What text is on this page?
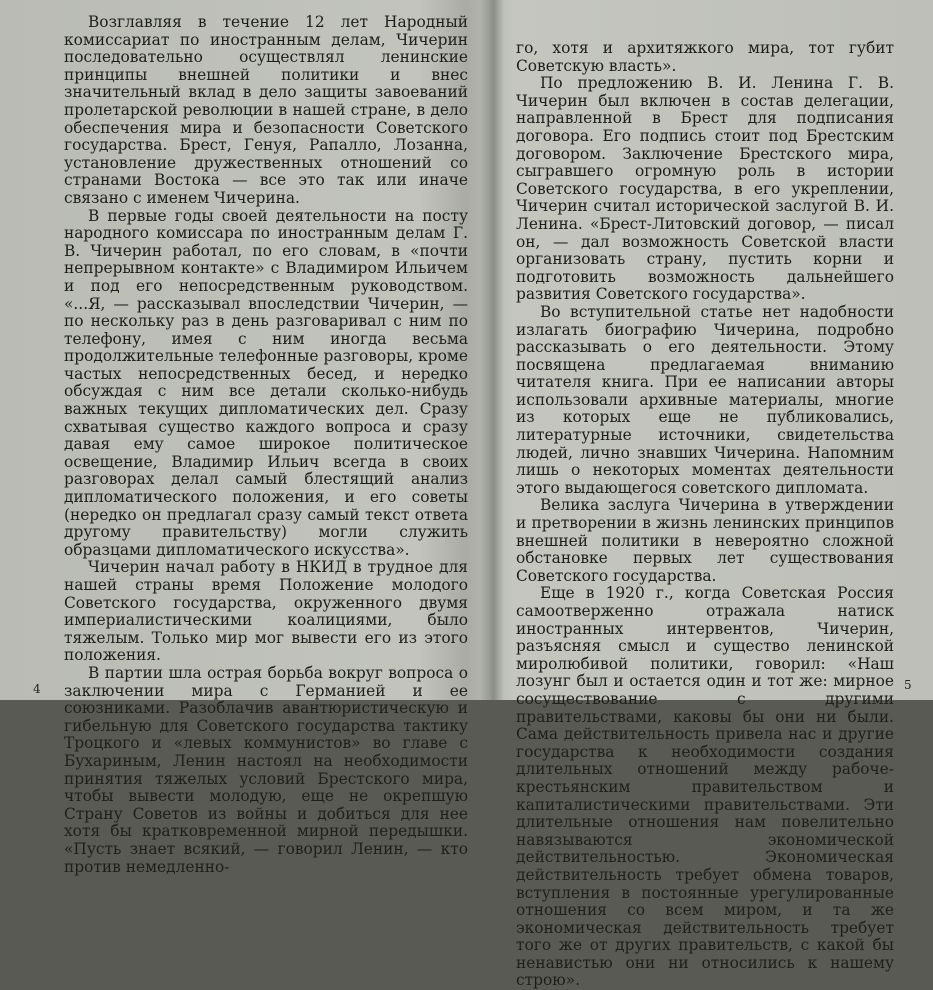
Возглавляя в течение 12 лет Народный комиссариат по иностранным делам, Чичерин последовательно осуществлял ленинские принципы внешней политики и внес значительный вклад в дело защиты завоеваний пролетарской революции в нашей стране, в дело обеспечения мира и безопасности Советского государства. Брест, Генуя, Рапалло, Лозанна, установление дружественных отношений со странами Востока — все это так или иначе связано с именем Чичерина.

В первые годы своей деятельности на посту народного комиссара по иностранным делам Г. В. Чичерин работал, по его словам, в «почти непрерывном контакте» с Владимиром Ильичем и под его непосредственным руководством. «...Я, — рассказывал впоследствии Чичерин, — по нескольку раз в день разговаривал с ним по телефону, имея с ним иногда весьма продолжительные телефонные разговоры, кроме частых непосредственных бесед, и нередко обсуждая с ним все детали сколько-нибудь важных текущих дипломатических дел. Сразу схватывая существо каждого вопроса и сразу давая ему самое широкое политическое освещение, Владимир Ильич всегда в своих разговорах делал самый блестящий анализ дипломатического положения, и его советы (нередко он предлагал сразу самый текст ответа другому правительству) могли служить образцами дипломатического искусства».

Чичерин начал работу в НКИД в трудное для нашей страны время Положение молодого Советского государства, окруженного двумя империалистическими коалициями, было тяжелым. Только мир мог вывести его из этого положения.

В партии шла острая борьба вокруг вопроса о заключении мира с Германией и ее союзниками. Разоблачив авантюристическую и гибельную для Советского государства тактику Троцкого и «левых коммунистов» во главе с Бухариным, Ленин настоял на необходимости принятия тяжелых условий Брестского мира, чтобы вывести молодую, еще не окрепшую Страну Советов из войны и добиться для нее хотя бы кратковременной мирной передышки. «Пусть знает всякий, — говорил Ленин, — кто против немедленно-

го, хотя и архитяжкого мира, тот губит Советскую власть».

По предложению В. И. Ленина Г. В. Чичерин был включен в состав делегации, направленной в Брест для подписания договора. Его подпись стоит под Брестским договором. Заключение Брестского мира, сыгравшего огромную роль в истории Советского государства, в его укреплении, Чичерин считал исторической заслугой В. И. Ленина. «Брест-Литовский договор, — писал он, — дал возможность Советской власти организовать страну, пустить корни и подготовить возможность дальнейшего развития Советского государства».

Во вступительной статье нет надобности излагать биографию Чичерина, подробно рассказывать о его деятельности. Этому посвящена предлагаемая вниманию читателя книга. При ее написании авторы использовали архивные материалы, многие из которых еще не публиковались, литературные источники, свидетельства людей, лично знавших Чичерина. Напомним лишь о некоторых моментах деятельности этого выдающегося советского дипломата.

Велика заслуга Чичерина в утверждении и претворении в жизнь ленинских принципов внешней политики в невероятно сложной обстановке первых лет существования Советского государства.

Еще в 1920 г., когда Советская Россия самоотверженно отражала натиск иностранных интервентов, Чичерин, разъясняя смысл и существо ленинской миролюбивой политики, говорил: «Наш лозунг был и остается один и тот же: мирное сосуществование с другими правительствами, каковы бы они ни были. Сама действительность привела нас и другие государства к необходимости создания длительных отношений между рабоче-крестьянским правительством и капиталистическими правительствами. Эти длительные отношения нам повелительно навязываются экономической действительностью. Экономическая действительность требует обмена товаров, вступления в постоянные урегулированные отношения со всем миром, и та же экономическая действительность требует того же от других правительств, с какой бы ненавистью они ни относились к нашему строю».

4	5
